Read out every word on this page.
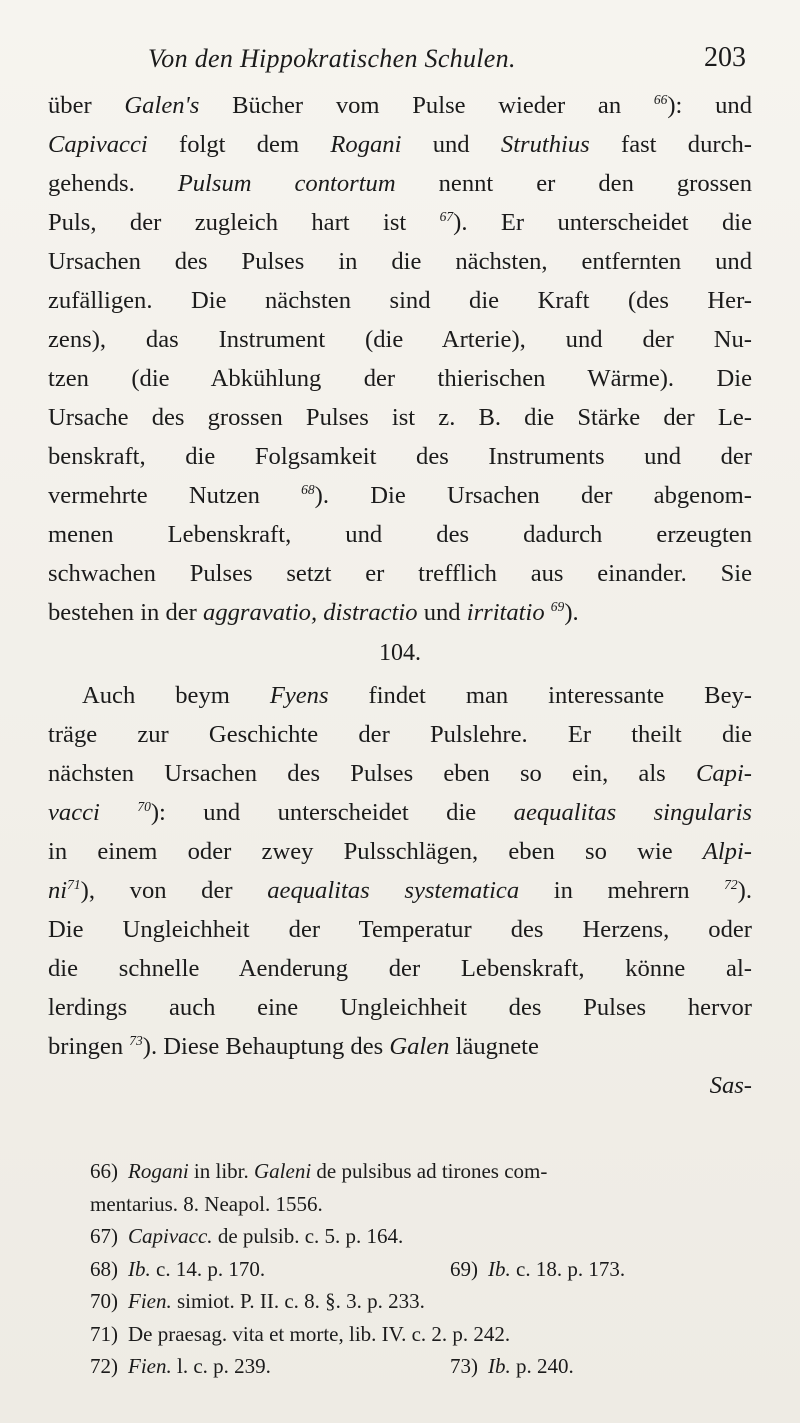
Von den Hippokratischen Schulen.	203
über Galen's Bücher vom Pulse wieder an $^{66}$): und
Capivacci folgt dem Rogani und Struthius fast durch-
gehends. Pulsum contortum nennt er den grossen
Puls, der zugleich hart ist $^{67}$). Er unterscheidet die
Ursachen des Pulses in die nächsten, entfernten und
zufälligen. Die nächsten sind die Kraft (des Her-
zens), das Instrument (die Arterie), und der Nu-
tzen (die Abkühlung der thierischen Wärme). Die
Ursache des grossen Pulses ist z. B. die Stärke der Le-
benskraft, die Folgsamkeit des Instruments und der
vermehrte Nutzen $^{68}$). Die Ursachen der abgenom-
menen Lebenskraft, und des dadurch erzeugten
schwachen Pulses setzt er trefflich aus einander. Sie
bestehen in der aggravatio, distractio und irritatio $^{69}$).
104.
Auch beym Fyens findet man interessante Bey-
träge zur Geschichte der Pulslehre. Er theilt die
nächsten Ursachen des Pulses eben so ein, als Capi-
vacci	$^{70}$): und unterscheidet die aequalitas singularis
in einem oder zwey Pulsschlägen, eben so wie Alpi-
$ni^{71}$), von der aequalitas systematica in mehrern $^{72}$).
Die Ungleichheit der Temperatur des Herzens, oder
die schnelle Aenderung der Lebenskraft, könne al-
lerdings auch eine Ungleichheit des Pulses hervor
bringen $^{73}$). Diese Behauptung des Galen läugnete
Sas-
66) Rogani in libr. Galeni de pulsibus ad tirones com-
mentarius. 8. Neapol. 1556.
67) Capivacc. de pulsib. c. 5. p. 164.
68) Ib. c. 14. p. 170.	69) Ib. c. 18. p. 173.
70) Fien. simiot. P. II. c. 8. §. 3. p. 233.
71) De praesag. vita et morte, lib. IV. c. 2. p. 242.
72) Fien. l. c. p. 239.	73) Ib. p. 240.
